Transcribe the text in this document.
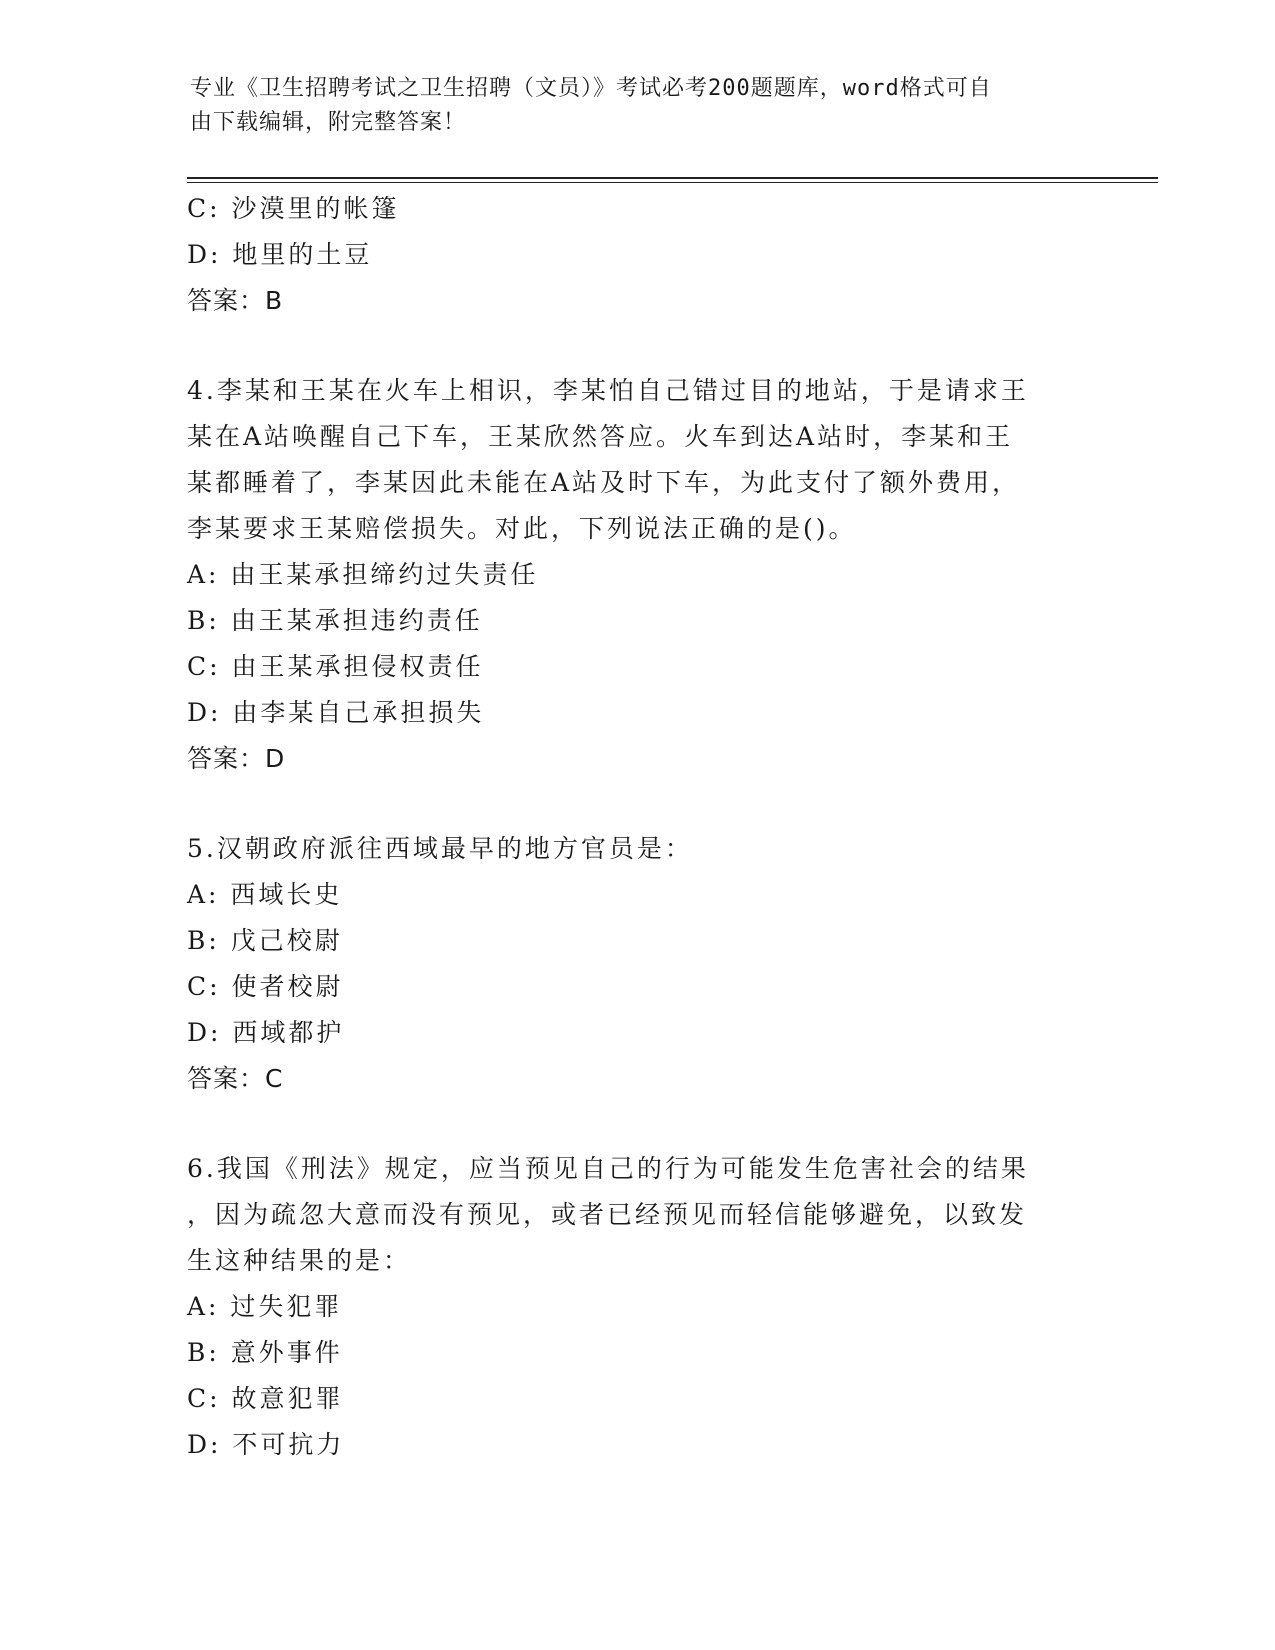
专业《卫生招聘考试之卫生招聘（文员）》考试必考200题题库，word格式可自
由下载编辑，附完整答案！
C: 沙漠里的帐篷
D: 地里的土豆
答案：B
4.李某和王某在火车上相识，李某怕自己错过目的地站，于是请求王
某在A站唤醒自己下车，王某欣然答应。火车到达A站时，李某和王
某都睡着了，李某因此未能在A站及时下车，为此支付了额外费用，
李某要求王某赔偿损失。对此，下列说法正确的是()。
A: 由王某承担缔约过失责任
B: 由王某承担违约责任
C: 由王某承担侵权责任
D: 由李某自己承担损失
答案：D
5.汉朝政府派往西域最早的地方官员是：
A: 西域长史
B: 戊己校尉
C: 使者校尉
D: 西域都护
答案：C
6.我国《刑法》规定，应当预见自己的行为可能发生危害社会的结果
，因为疏忽大意而没有预见，或者已经预见而轻信能够避免，以致发
生这种结果的是：
A: 过失犯罪
B: 意外事件
C: 故意犯罪
D: 不可抗力
